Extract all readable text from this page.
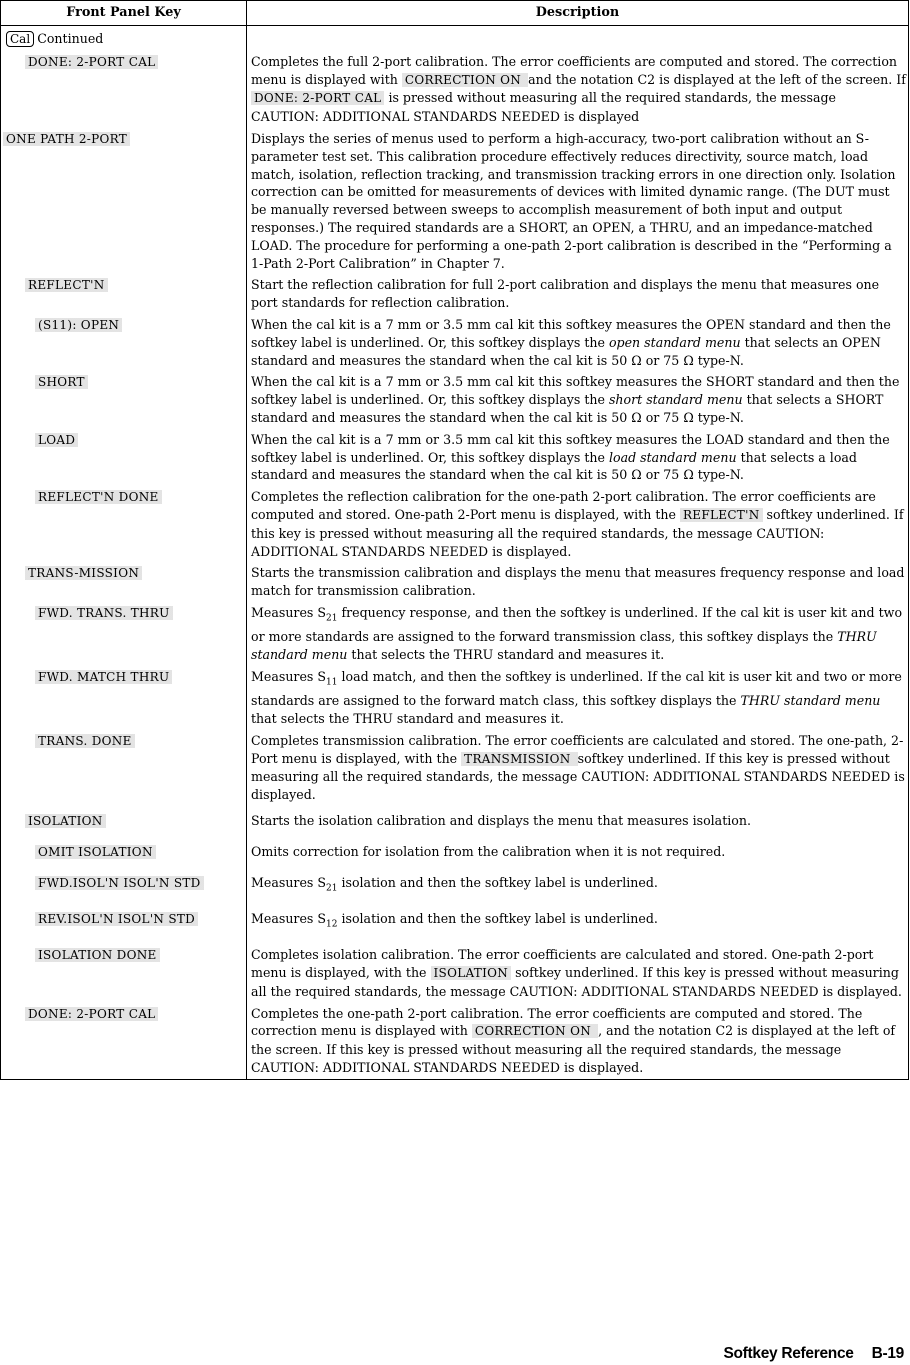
Front Panel Key	Description
Cal Continued	
DONE: 2-PORT CAL	Completes the full 2-port calibration. The error coefficients are computed and stored. The correction menu is displayed with CORRECTION ON and the notation C2 is displayed at the left of the screen. If DONE: 2-PORT CAL is pressed without measuring all the required standards, the message CAUTION: ADDITIONAL STANDARDS NEEDED is displayed
ONE PATH 2-PORT	Displays the series of menus used to perform a high-accuracy, two-port calibration without an S-parameter test set. This calibration procedure effectively reduces directivity, source match, load match, isolation, reflection tracking, and transmission tracking errors in one direction only. Isolation correction can be omitted for measurements of devices with limited dynamic range. (The DUT must be manually reversed between sweeps to accomplish measurement of both input and output responses.) The required standards are a SHORT, an OPEN, a THRU, and an impedance-matched LOAD. The procedure for performing a one-path 2-port calibration is described in the “Performing a 1-Path 2-Port Calibration” in Chapter 7.
REFLECT'N	Start the reflection calibration for full 2-port calibration and displays the menu that measures one port standards for reflection calibration.
(S11): OPEN	When the cal kit is a 7 mm or 3.5 mm cal kit this softkey measures the OPEN standard and then the softkey label is underlined. Or, this softkey displays the open standard menu that selects an OPEN standard and measures the standard when the cal kit is 50 Ω or 75 Ω type-N.
SHORT	When the cal kit is a 7 mm or 3.5 mm cal kit this softkey measures the SHORT standard and then the softkey label is underlined. Or, this softkey displays the short standard menu that selects a SHORT standard and measures the standard when the cal kit is 50 Ω or 75 Ω type-N.
LOAD	When the cal kit is a 7 mm or 3.5 mm cal kit this softkey measures the LOAD standard and then the softkey label is underlined. Or, this softkey displays the load standard menu that selects a load standard and measures the standard when the cal kit is 50 Ω or 75 Ω type-N.
REFLECT'N DONE	Completes the reflection calibration for the one-path 2-port calibration. The error coefficients are computed and stored. One-path 2-Port menu is displayed, with the REFLECT'N softkey underlined. If this key is pressed without measuring all the required standards, the message CAUTION: ADDITIONAL STANDARDS NEEDED is displayed.
TRANS-MISSION	Starts the transmission calibration and displays the menu that measures frequency response and load match for transmission calibration.
FWD. TRANS. THRU	Measures $S_{21}$ frequency response, and then the softkey is underlined. If the cal kit is user kit and two or more standards are assigned to the forward transmission class, this softkey displays the THRU standard menu that selects the THRU standard and measures it.
FWD. MATCH THRU	Measures $S_{11}$ load match, and then the softkey is underlined. If the cal kit is user kit and two or more standards are assigned to the forward match class, this softkey displays the THRU standard menu that selects the THRU standard and measures it.
TRANS. DONE	Completes transmission calibration. The error coefficients are calculated and stored. The one-path, 2-Port menu is displayed, with the TRANSMISSION softkey underlined. If this key is pressed without measuring all the required standards, the message CAUTION: ADDITIONAL STANDARDS NEEDED is displayed.
ISOLATION	Starts the isolation calibration and displays the menu that measures isolation.
OMIT ISOLATION	Omits correction for isolation from the calibration when it is not required.
FWD.ISOL'N ISOL'N STD	Measures $S_{21}$ isolation and then the softkey label is underlined.
REV.ISOL'N ISOL'N STD	Measures $S_{12}$ isolation and then the softkey label is underlined.
ISOLATION DONE	Completes isolation calibration. The error coefficients are calculated and stored. One-path 2-port menu is displayed, with the ISOLATION softkey underlined. If this key is pressed without measuring all the required standards, the message CAUTION: ADDITIONAL STANDARDS NEEDED is displayed.
DONE: 2-PORT CAL	Completes the one-path 2-port calibration. The error coefficients are computed and stored. The correction menu is displayed with CORRECTION ON , and the notation C2 is displayed at the left of the screen. If this key is pressed without measuring all the required standards, the message CAUTION: ADDITIONAL STANDARDS NEEDED is displayed.
Softkey Reference B-19
